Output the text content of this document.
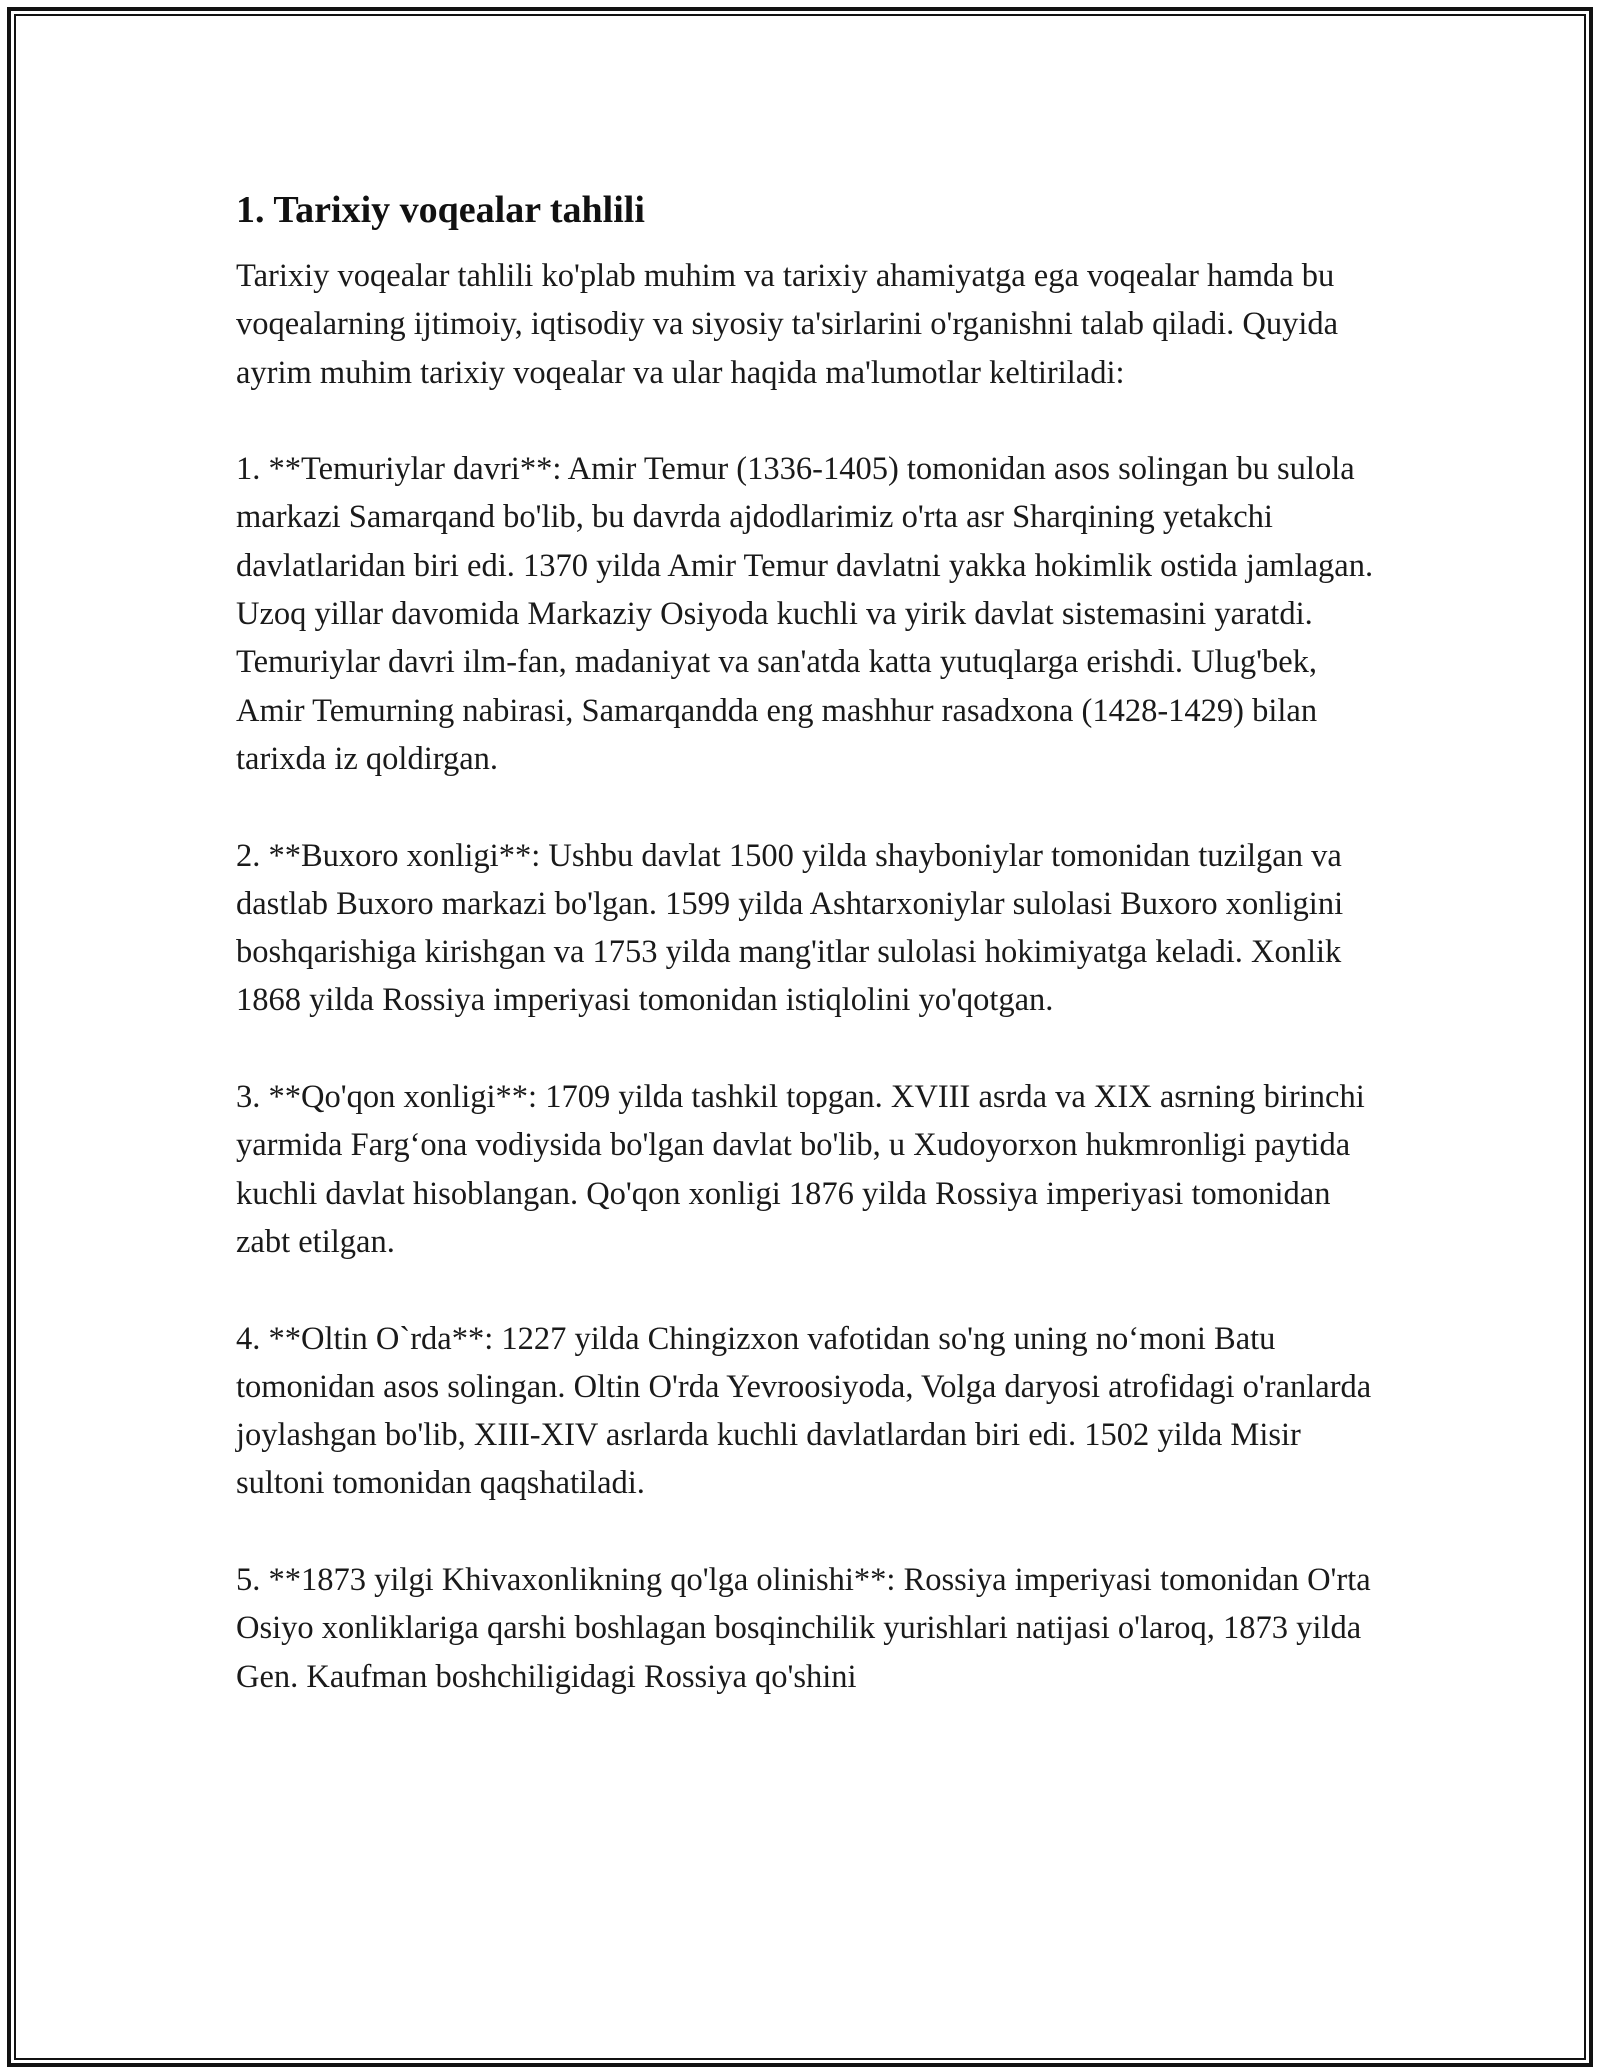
1. Tarixiy voqealar tahlili

Tarixiy voqealar tahlili ko'plab muhim va tarixiy ahamiyatga ega voqealar hamda bu voqealarning ijtimoiy, iqtisodiy va siyosiy ta'sirlarini o'rganishni talab qiladi. Quyida ayrim muhim tarixiy voqealar va ular haqida ma'lumotlar keltiriladi:

1. **Temuriylar davri**: Amir Temur (1336-1405) tomonidan asos solingan bu sulola markazi Samarqand bo'lib, bu davrda ajdodlarimiz o'rta asr Sharqining yetakchi davlatlaridan biri edi. 1370 yilda Amir Temur davlatni yakka hokimlik ostida jamlagan. Uzoq yillar davomida Markaziy Osiyoda kuchli va yirik davlat sistemasini yaratdi. Temuriylar davri ilm-fan, madaniyat va san'atda katta yutuqlarga erishdi. Ulug'bek, Amir Temurning nabirasi, Samarqandda eng mashhur rasadxona (1428-1429) bilan tarixda iz qoldirgan.

2. **Buxoro xonligi**: Ushbu davlat 1500 yilda shayboniylar tomonidan tuzilgan va dastlab Buxoro markazi bo'lgan. 1599 yilda Ashtarxoniylar sulolasi Buxoro xonligini boshqarishiga kirishgan va 1753 yilda mang'itlar sulolasi hokimiyatga keladi. Xonlik 1868 yilda Rossiya imperiyasi tomonidan istiqlolini yo'qotgan.

3. **Qo'qon xonligi**: 1709 yilda tashkil topgan. XVIII asrda va XIX asrning birinchi yarmida Farg‘ona vodiysida bo'lgan davlat bo'lib, u Xudoyorxon hukmronligi paytida kuchli davlat hisoblangan. Qo'qon xonligi 1876 yilda Rossiya imperiyasi tomonidan zabt etilgan.

4. **Oltin O`rda**: 1227 yilda Chingizxon vafotidan so'ng uning no‘moni Batu tomonidan asos solingan. Oltin O'rda Yevroosiyoda, Volga daryosi atrofidagi o'ranlarda joylashgan bo'lib, XIII-XIV asrlarda kuchli davlatlardan biri edi. 1502 yilda Misir sultoni tomonidan qaqshatiladi.

5. **1873 yilgi Khivaxonlikning qo'lga olinishi**: Rossiya imperiyasi tomonidan O'rta Osiyo xonliklariga qarshi boshlagan bosqinchilik yurishlari natijasi o'laroq, 1873 yilda Gen. Kaufman boshchiligidagi Rossiya qo'shini
